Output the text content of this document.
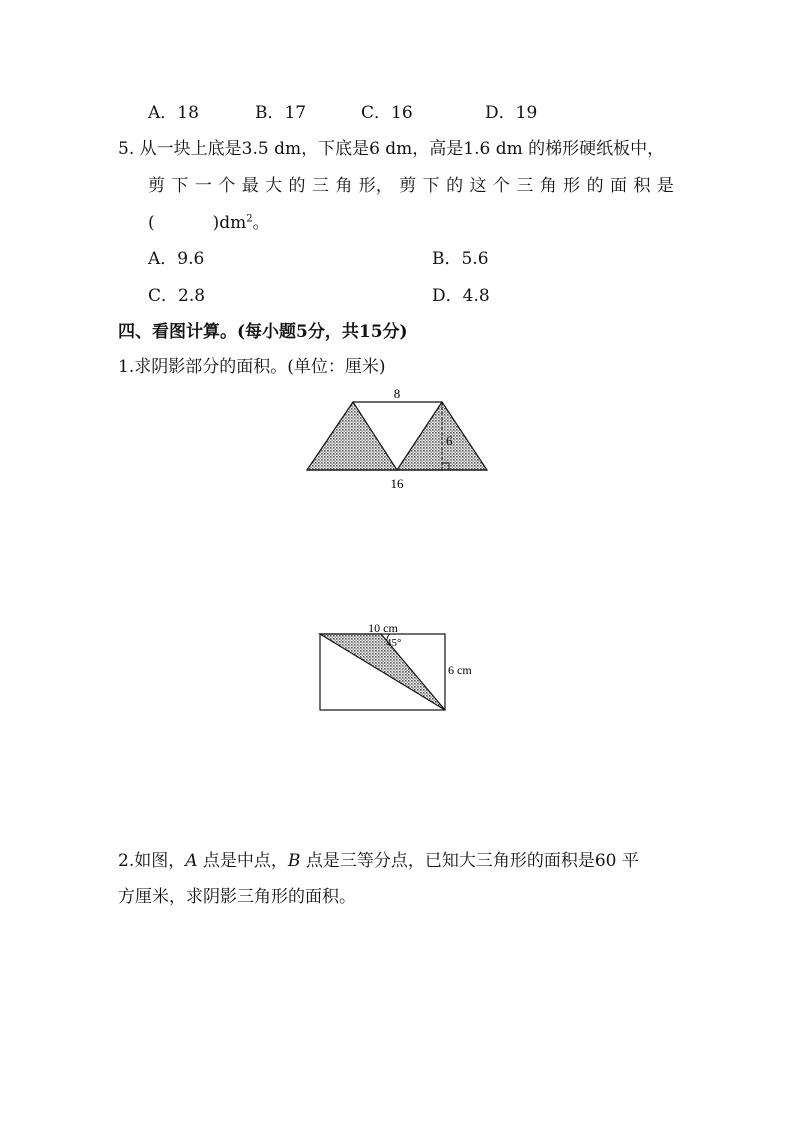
A．18	B．17	C．16	D．19
5. 从一块上底是3.5 dm，下底是6 dm，高是1.6 dm 的梯形硬纸板中，
剪 下 一 个 最 大 的 三 角 形， 剪 下 的 这 个 三 角 形 的 面 积 是
(	)$dm^2$。
A．9.6	B．5.6
C．2.8	D．4.8
四、看图计算。(每小题5分，共15分)
1.求阴影部分的面积。(单位：厘米)
8
6
16
10 cm
45°
6 cm
2.如图，A 点是中点，B 点是三等分点，已知大三角形的面积是60 平
方厘米，求阴影三角形的面积。
